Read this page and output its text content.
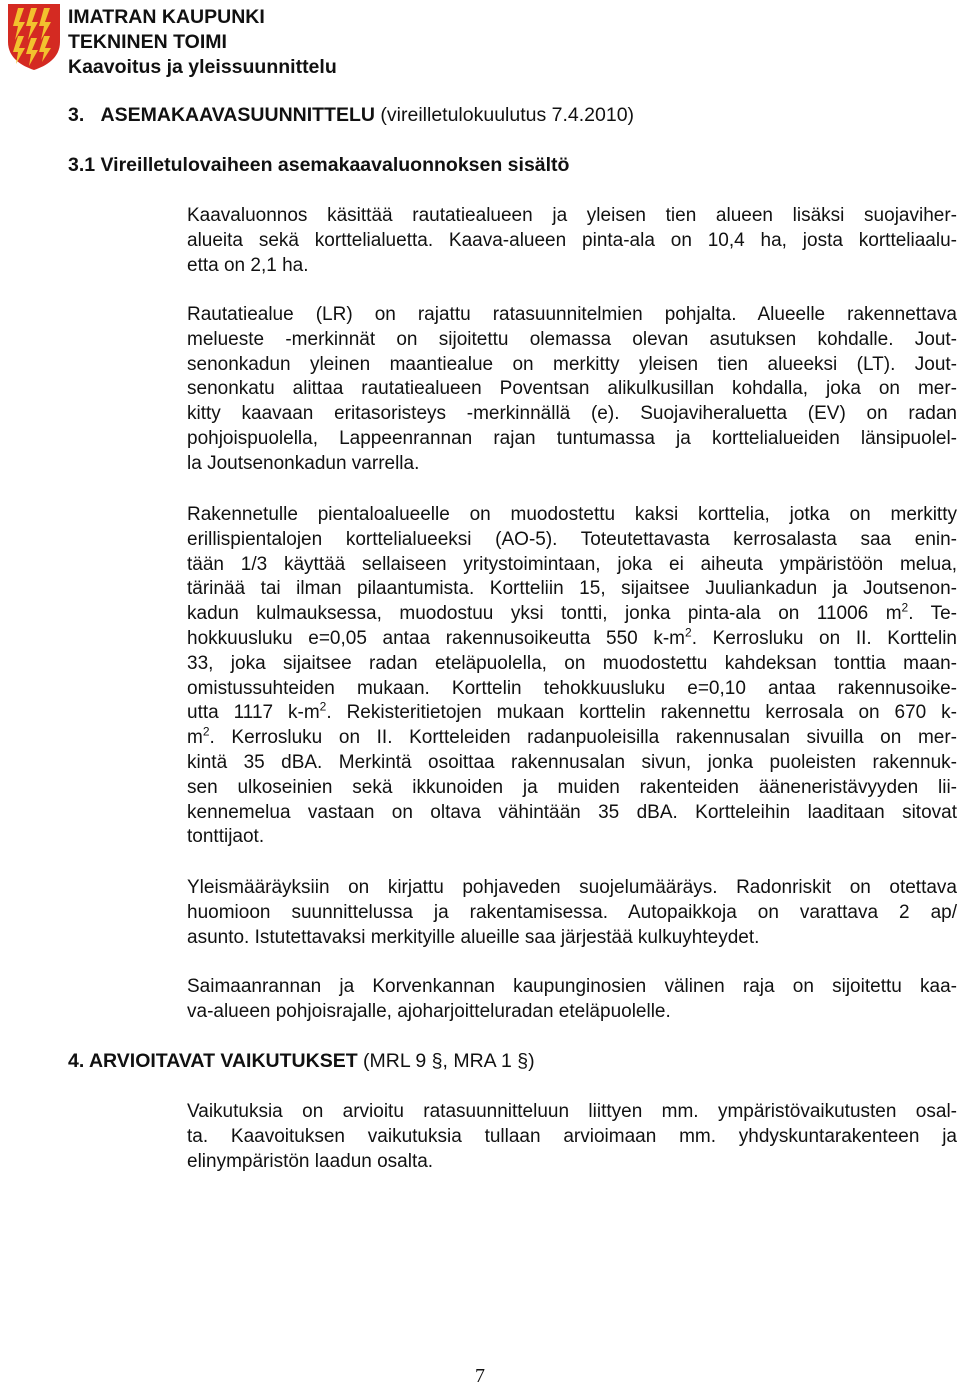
IMATRAN KAUPUNKI
TEKNINEN TOIMI
Kaavoitus ja yleissuunnittelu
3. ASEMAKAAVASUUNNITTELU (vireilletulokuulutus 7.4.2010)
3.1 Vireilletulovaiheen asemakaavaluonnoksen sisältö
Kaavaluonnos käsittää rautatiealueen ja yleisen tien alueen lisäksi suojaviher-
alueita sekä korttelialuetta. Kaava-alueen pinta-ala on 10,4 ha, josta kortteliaalu-
etta on 2,1 ha.
Rautatiealue (LR) on rajattu ratasuunnitelmien pohjalta. Alueelle rakennettava
melueste -merkinnät on sijoitettu olemassa olevan asutuksen kohdalle. Jout-
senonkadun yleinen maantiealue on merkitty yleisen tien alueeksi (LT). Jout-
senonkatu alittaa rautatiealueen Poventsan alikulkusillan kohdalla, joka on mer-
kitty kaavaan eritasoristeys -merkinnällä (e). Suojaviheraluetta (EV) on radan
pohjoispuolella, Lappeenrannan rajan tuntumassa ja korttelialueiden länsipuolel-
la Joutsenonkadun varrella.
Rakennetulle pientaloalueelle on muodostettu kaksi korttelia, jotka on merkitty
erillispientalojen korttelialueeksi (AO-5). Toteutettavasta kerrosalasta saa enin-
tään 1/3 käyttää sellaiseen yritystoimintaan, joka ei aiheuta ympäristöön melua,
tärinää tai ilman pilaantumista. Kortteliin 15, sijaitsee Juuliankadun ja Joutsenon-
kadun kulmauksessa, muodostuu yksi tontti, jonka pinta-ala on 11006 $m^2$. Te-
hokkuusluku e=0,05 antaa rakennusoikeutta 550 $k-m^2$. Kerrosluku on II. Korttelin
33, joka sijaitsee radan eteläpuolella, on muodostettu kahdeksan tonttia maan-
omistussuhteiden mukaan. Korttelin tehokkuusluku e=0,10 antaa rakennusoike-
utta 1117 $k-m^2$. Rekisteritietojen mukaan korttelin rakennettu kerrosala on 670 k-
$m^2$. Kerrosluku on II. Kortteleiden radanpuoleisilla rakennusalan sivuilla on mer-
kintä 35 dBA. Merkintä osoittaa rakennusalan sivun, jonka puoleisten rakennuk-
sen ulkoseinien sekä ikkunoiden ja muiden rakenteiden ääneneristävyyden lii-
kennemelua vastaan on oltava vähintään 35 dBA. Kortteleihin laaditaan sitovat
tonttijaot.
Yleismääräyksiin on kirjattu pohjaveden suojelumääräys. Radonriskit on otettava
huomioon suunnittelussa ja rakentamisessa. Autopaikkoja on varattava 2 ap/
asunto. Istutettavaksi merkityille alueille saa järjestää kulkuyhteydet.
Saimaanrannan ja Korvenkannan kaupunginosien välinen raja on sijoitettu kaa-
va-alueen pohjoisrajalle, ajoharjoitteluradan eteläpuolelle.
4. ARVIOITAVAT VAIKUTUKSET (MRL 9 §, MRA 1 §)
Vaikutuksia on arvioitu ratasuunnitteluun liittyen mm. ympäristövaikutusten osal-
ta. Kaavoituksen vaikutuksia tullaan arvioimaan mm. yhdyskuntarakenteen ja
elinympäristön laadun osalta.
7
